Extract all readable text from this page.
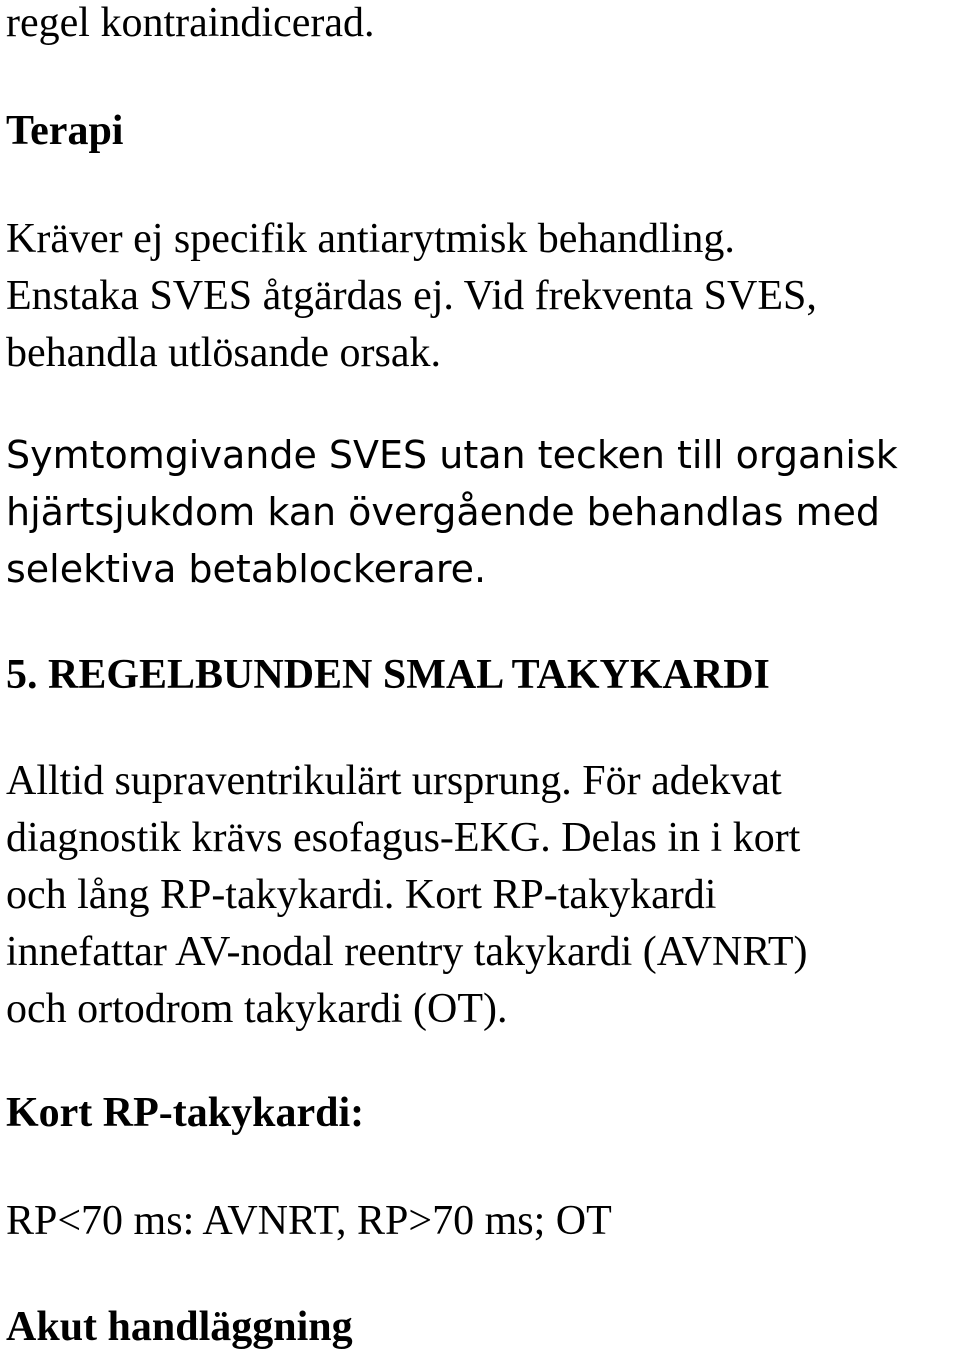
regel kontraindicerad.

Terapi

Kräver ej specifik antiarytmisk behandling.

Enstaka SVES åtgärdas ej. Vid frekventa SVES,

behandla utlösande orsak.

Symtomgivande SVES utan tecken till organisk

hjärtsjukdom kan övergående behandlas med

selektiva betablockerare.

5. REGELBUNDEN SMAL TAKYKARDI

Alltid supraventrikulärt ursprung. För adekvat

diagnostik krävs esofagus-EKG. Delas in i kort

och lång RP-takykardi. Kort RP-takykardi

innefattar AV-nodal reentry takykardi (AVNRT)

och ortodrom takykardi (OT).

Kort RP-takykardi:

RP<70 ms: AVNRT, RP>70 ms; OT

Akut handläggning
